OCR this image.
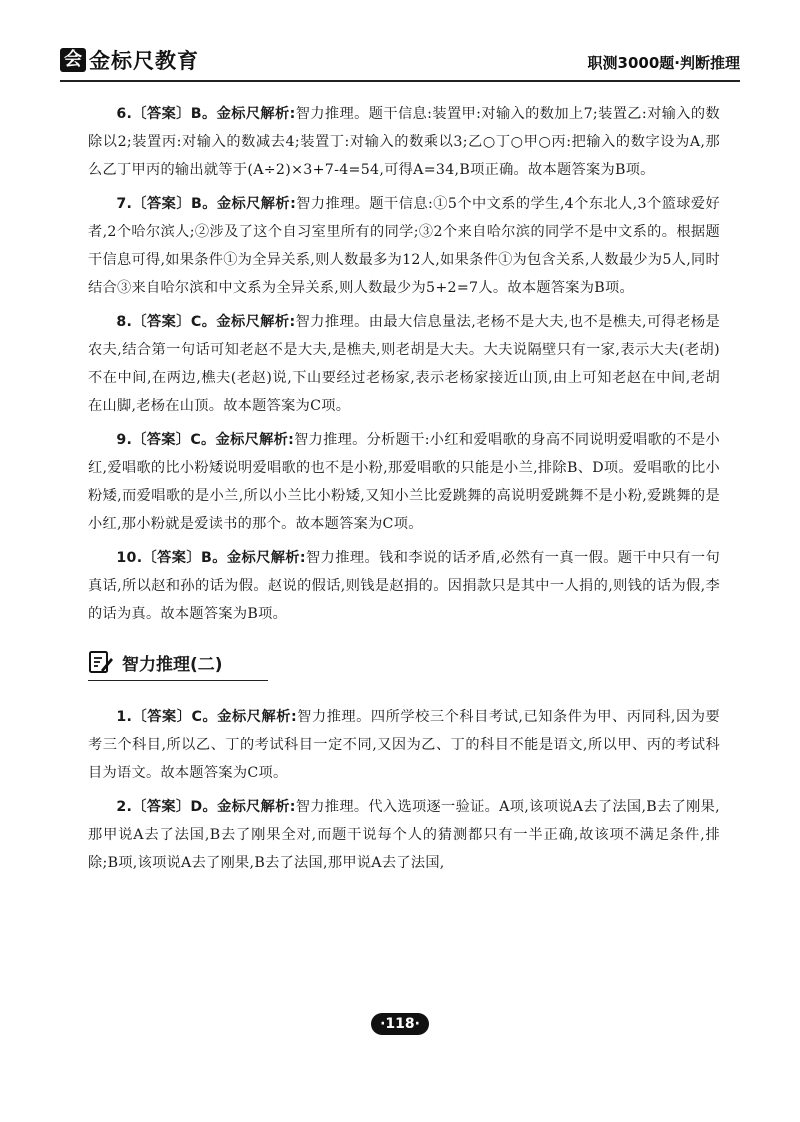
会 金标尺教育	职测3000题·判断推理

6.〔答案〕B。金标尺解析:智力推理。题干信息:装置甲:对输入的数加上7;装置乙:对输入的数除以2;装置丙:对输入的数减去4;装置丁:对输入的数乘以3;乙○丁○甲○丙:把输入的数字设为A,那么乙丁甲丙的输出就等于(A÷2)×3+7-4=54,可得A=34,B项正确。故本题答案为B项。

7.〔答案〕B。金标尺解析:智力推理。题干信息:①5个中文系的学生,4个东北人,3个篮球爱好者,2个哈尔滨人;②涉及了这个自习室里所有的同学;③2个来自哈尔滨的同学不是中文系的。根据题干信息可得,如果条件①为全异关系,则人数最多为12人,如果条件①为包含关系,人数最少为5人,同时结合③来自哈尔滨和中文系为全异关系,则人数最少为5+2=7人。故本题答案为B项。

8.〔答案〕C。金标尺解析:智力推理。由最大信息量法,老杨不是大夫,也不是樵夫,可得老杨是农夫,结合第一句话可知老赵不是大夫,是樵夫,则老胡是大夫。大夫说隔壁只有一家,表示大夫(老胡)不在中间,在两边,樵夫(老赵)说,下山要经过老杨家,表示老杨家接近山顶,由上可知老赵在中间,老胡在山脚,老杨在山顶。故本题答案为C项。

9.〔答案〕C。金标尺解析:智力推理。分析题干:小红和爱唱歌的身高不同说明爱唱歌的不是小红,爱唱歌的比小粉矮说明爱唱歌的也不是小粉,那爱唱歌的只能是小兰,排除B、D项。爱唱歌的比小粉矮,而爱唱歌的是小兰,所以小兰比小粉矮,又知小兰比爱跳舞的高说明爱跳舞不是小粉,爱跳舞的是小红,那小粉就是爱读书的那个。故本题答案为C项。

10.〔答案〕B。金标尺解析:智力推理。钱和李说的话矛盾,必然有一真一假。题干中只有一句真话,所以赵和孙的话为假。赵说的假话,则钱是赵捐的。因捐款只是其中一人捐的,则钱的话为假,李的话为真。故本题答案为B项。

智力推理(二)

1.〔答案〕C。金标尺解析:智力推理。四所学校三个科目考试,已知条件为甲、丙同科,因为要考三个科目,所以乙、丁的考试科目一定不同,又因为乙、丁的科目不能是语文,所以甲、丙的考试科目为语文。故本题答案为C项。

2.〔答案〕D。金标尺解析:智力推理。代入选项逐一验证。A项,该项说A去了法国,B去了刚果,那甲说A去了法国,B去了刚果全对,而题干说每个人的猜测都只有一半正确,故该项不满足条件,排除;B项,该项说A去了刚果,B去了法国,那甲说A去了法国,

·118·
